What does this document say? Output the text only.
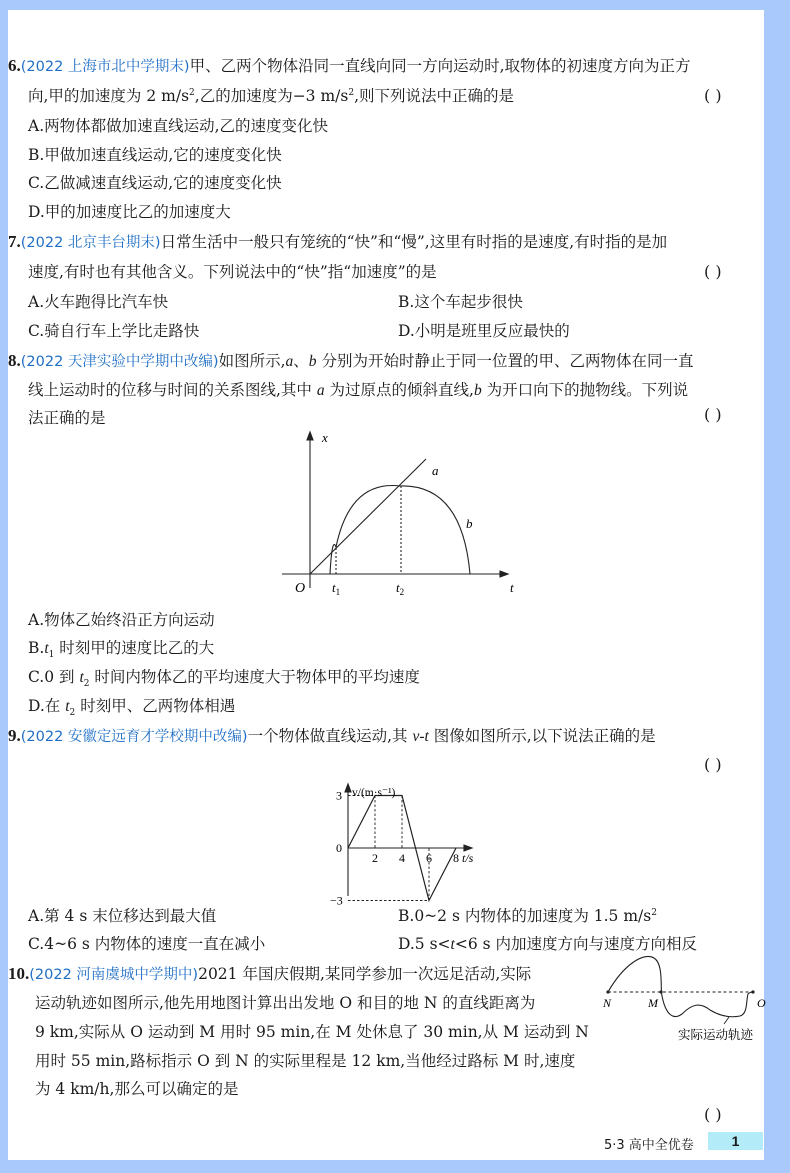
6.(2022 上海市北中学期末)甲、乙两个物体沿同一直线向同一方向运动时,取物体的初速度方向为正方
向,甲的加速度为 2 $m/s^2$,乙的加速度为−3 $m/s^2$,则下列说法中正确的是	( )
A.两物体都做加速直线运动,乙的速度变化快
B.甲做加速直线运动,它的速度变化快
C.乙做减速直线运动,它的速度变化快
D.甲的加速度比乙的加速度大
7.(2022 北京丰台期末)日常生活中一般只有笼统的“快”和“慢”,这里有时指的是速度,有时指的是加
速度,有时也有其他含义。下列说法中的“快”指“加速度”的是	( )
A.火车跑得比汽车快	B.这个车起步很快
C.骑自行车上学比走路快	D.小明是班里反应最快的
8.(2022 天津实验中学期中改编)如图所示,a、b 分别为开始时静止于同一位置的甲、乙两物体在同一直
线上运动时的位移与时间的关系图线,其中 a 为过原点的倾斜直线,b 为开口向下的抛物线。下列说
法正确的是	( )
x
t
O $t_1$	$t_2$
a
b
A.物体乙始终沿正方向运动
$B.t_1$ 时刻甲的速度比乙的大
C.0 到 $t_2$ 时间内物体乙的平均速度大于物体甲的平均速度
D.在 $t_2$ 时刻甲、乙两物体相遇
9.(2022 安徽定远育才学校期中改编)一个物体做直线运动,其 v-t 图像如图所示,以下说法正确的是
( )
v/(m·s⁻¹)
2 4 6 8
3
0
−3
t/s
A.第 4 s 末位移达到最大值	B.0~2 s 内物体的加速度为 1.5 $m/s^2$
C.4~6 s 内物体的速度一直在减小	D.5 s<t<6 s 内加速度方向与速度方向相反
10.(2022 河南虞城中学期中)2021 年国庆假期,某同学参加一次远足活动,实际
运动轨迹如图所示,他先用地图计算出出发地 O 和目的地 N 的直线距离为
9 km,实际从 O 运动到 M 用时 95 min,在 M 处休息了 30 min,从 M 运动到 N
用时 55 min,路标指示 O 到 N 的实际里程是 12 km,当他经过路标 M 时,速度
为 4 km/h,那么可以确定的是
( )
N	M	O
实际运动轨迹
5·3 高中全优卷	1
